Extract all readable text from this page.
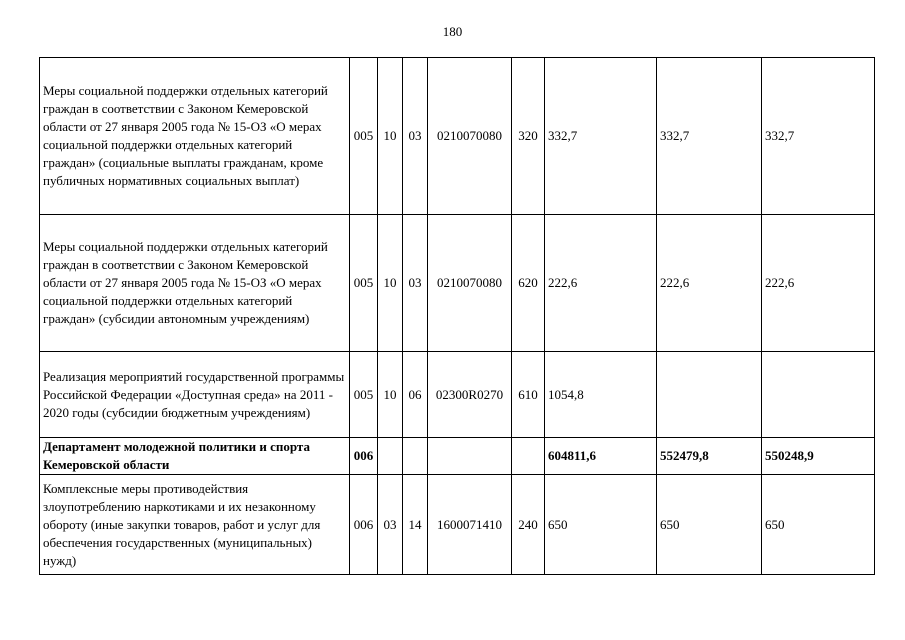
180
Меры социальной поддержки отдельных категорий граждан в соответствии с Законом Кемеровской области от 27 января 2005 года № 15-ОЗ «О мерах социальной поддержки отдельных категорий граждан» (социальные выплаты гражданам, кроме публичных нормативных социальных выплат)	005	10	03	0210070080	320	332,7	332,7	332,7
Меры социальной поддержки отдельных категорий граждан в соответствии с Законом Кемеровской области от 27 января 2005 года № 15-ОЗ «О мерах социальной поддержки отдельных категорий граждан» (субсидии автономным учреждениям)	005	10	03	0210070080	620	222,6	222,6	222,6
Реализация мероприятий государственной программы Российской Федерации «Доступная среда» на 2011 - 2020 годы (субсидии бюджетным учреждениям)	005	10	06	02300R0270	610	1054,8		
Департамент молодежной политики и спорта Кемеровской области	006					604811,6	552479,8	550248,9
Комплексные меры противодействия злоупотреблению наркотиками и их незаконному обороту (иные закупки товаров, работ и услуг для обеспечения государственных (муниципальных) нужд)	006	03	14	1600071410	240	650	650	650
